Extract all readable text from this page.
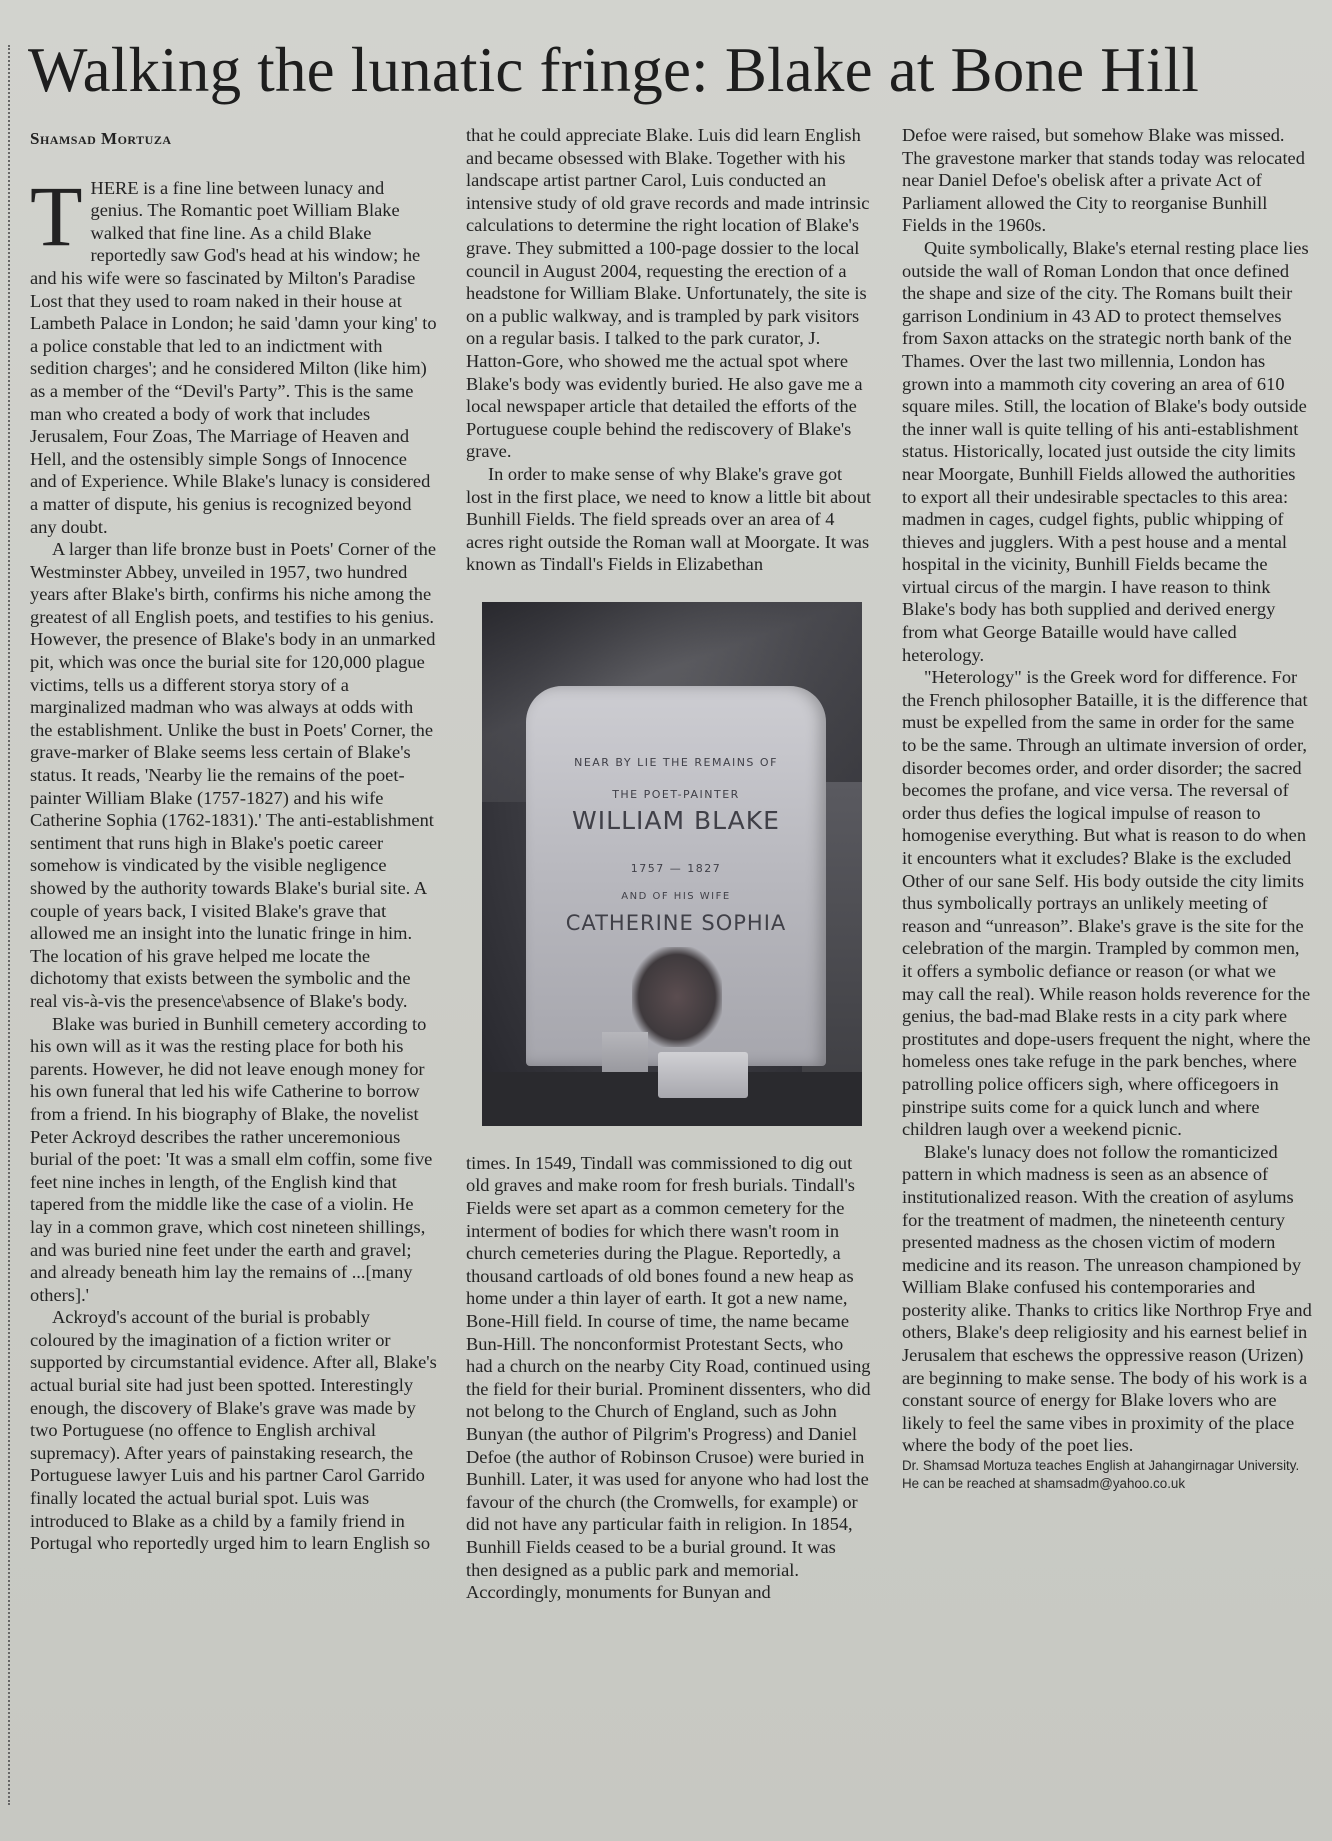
Walking the lunatic fringe: Blake at Bone Hill
Shamsad Mortuza

THERE is a fine line between lunacy and genius. The Romantic poet William Blake walked that fine line. As a child Blake reportedly saw God's head at his window; he and his wife were so fascinated by Milton's Paradise Lost that they used to roam naked in their house at Lambeth Palace in London; he said 'damn your king' to a police constable that led to an indictment with sedition charges'; and he considered Milton (like him) as a member of the “Devil's Party”. This is the same man who created a body of work that includes Jerusalem, Four Zoas, The Marriage of Heaven and Hell, and the ostensibly simple Songs of Innocence and of Experience. While Blake's lunacy is considered a matter of dispute, his genius is recognized beyond any doubt.

A larger than life bronze bust in Poets' Corner of the Westminster Abbey, unveiled in 1957, two hundred years after Blake's birth, confirms his niche among the greatest of all English poets, and testifies to his genius. However, the presence of Blake's body in an unmarked pit, which was once the burial site for 120,000 plague victims, tells us a different storya story of a marginalized madman who was always at odds with the establishment. Unlike the bust in Poets' Corner, the grave-marker of Blake seems less certain of Blake's status. It reads, 'Nearby lie the remains of the poet-painter William Blake (1757-1827) and his wife Catherine Sophia (1762-1831).' The anti-establishment sentiment that runs high in Blake's poetic career somehow is vindicated by the visible negligence showed by the authority towards Blake's burial site. A couple of years back, I visited Blake's grave that allowed me an insight into the lunatic fringe in him. The location of his grave helped me locate the dichotomy that exists between the symbolic and the real vis-à-vis the presence\absence of Blake's body.

Blake was buried in Bunhill cemetery according to his own will as it was the resting place for both his parents. However, he did not leave enough money for his own funeral that led his wife Catherine to borrow from a friend. In his biography of Blake, the novelist Peter Ackroyd describes the rather unceremonious burial of the poet: 'It was a small elm coffin, some five feet nine inches in length, of the English kind that tapered from the middle like the case of a violin. He lay in a common grave, which cost nineteen shillings, and was buried nine feet under the earth and gravel; and already beneath him lay the remains of ...[many others].'

Ackroyd's account of the burial is probably coloured by the imagination of a fiction writer or supported by circumstantial evidence. After all, Blake's actual burial site had just been spotted. Interestingly enough, the discovery of Blake's grave was made by two Portuguese (no offence to English archival supremacy). After years of painstaking research, the Portuguese lawyer Luis and his partner Carol Garrido finally located the actual burial spot. Luis was introduced to Blake as a child by a family friend in Portugal who reportedly urged him to learn English so

that he could appreciate Blake. Luis did learn English and became obsessed with Blake. Together with his landscape artist partner Carol, Luis conducted an intensive study of old grave records and made intrinsic calculations to determine the right location of Blake's grave. They submitted a 100-page dossier to the local council in August 2004, requesting the erection of a headstone for William Blake. Unfortunately, the site is on a public walkway, and is trampled by park visitors on a regular basis. I talked to the park curator, J. Hatton-Gore, who showed me the actual spot where Blake's body was evidently buried. He also gave me a local newspaper article that detailed the efforts of the Portuguese couple behind the rediscovery of Blake's grave.

In order to make sense of why Blake's grave got lost in the first place, we need to know a little bit about Bunhill Fields. The field spreads over an area of 4 acres right outside the Roman wall at Moorgate. It was known as Tindall's Fields in Elizabethan

NEAR BY LIE THE REMAINS OF
THE POET-PAINTER
WILLIAM BLAKE
1757 — 1827
AND OF HIS WIFE
CATHERINE SOPHIA

times. In 1549, Tindall was commissioned to dig out old graves and make room for fresh burials. Tindall's Fields were set apart as a common cemetery for the interment of bodies for which there wasn't room in church cemeteries during the Plague. Reportedly, a thousand cartloads of old bones found a new heap as home under a thin layer of earth. It got a new name, Bone-Hill field. In course of time, the name became Bun-Hill. The nonconformist Protestant Sects, who had a church on the nearby City Road, continued using the field for their burial. Prominent dissenters, who did not belong to the Church of England, such as John Bunyan (the author of Pilgrim's Progress) and Daniel Defoe (the author of Robinson Crusoe) were buried in Bunhill. Later, it was used for anyone who had lost the favour of the church (the Cromwells, for example) or did not have any particular faith in religion. In 1854, Bunhill Fields ceased to be a burial ground. It was then designed as a public park and memorial. Accordingly, monuments for Bunyan and

Defoe were raised, but somehow Blake was missed. The gravestone marker that stands today was relocated near Daniel Defoe's obelisk after a private Act of Parliament allowed the City to reorganise Bunhill Fields in the 1960s.

Quite symbolically, Blake's eternal resting place lies outside the wall of Roman London that once defined the shape and size of the city. The Romans built their garrison Londinium in 43 AD to protect themselves from Saxon attacks on the strategic north bank of the Thames. Over the last two millennia, London has grown into a mammoth city covering an area of 610 square miles. Still, the location of Blake's body outside the inner wall is quite telling of his anti-establishment status. Historically, located just outside the city limits near Moorgate, Bunhill Fields allowed the authorities to export all their undesirable spectacles to this area: madmen in cages, cudgel fights, public whipping of thieves and jugglers. With a pest house and a mental hospital in the vicinity, Bunhill Fields became the virtual circus of the margin. I have reason to think Blake's body has both supplied and derived energy from what George Bataille would have called heterology.

"Heterology" is the Greek word for difference. For the French philosopher Bataille, it is the difference that must be expelled from the same in order for the same to be the same. Through an ultimate inversion of order, disorder becomes order, and order disorder; the sacred becomes the profane, and vice versa. The reversal of order thus defies the logical impulse of reason to homogenise everything. But what is reason to do when it encounters what it excludes? Blake is the excluded Other of our sane Self. His body outside the city limits thus symbolically portrays an unlikely meeting of reason and “unreason”. Blake's grave is the site for the celebration of the margin. Trampled by common men, it offers a symbolic defiance or reason (or what we may call the real). While reason holds reverence for the genius, the bad-mad Blake rests in a city park where prostitutes and dope-users frequent the night, where the homeless ones take refuge in the park benches, where patrolling police officers sigh, where officegoers in pinstripe suits come for a quick lunch and where children laugh over a weekend picnic.

Blake's lunacy does not follow the romanticized pattern in which madness is seen as an absence of institutionalized reason. With the creation of asylums for the treatment of madmen, the nineteenth century presented madness as the chosen victim of modern medicine and its reason. The unreason championed by William Blake confused his contemporaries and posterity alike. Thanks to critics like Northrop Frye and others, Blake's deep religiosity and his earnest belief in Jerusalem that eschews the oppressive reason (Urizen) are beginning to make sense. The body of his work is a constant source of energy for Blake lovers who are likely to feel the same vibes in proximity of the place where the body of the poet lies.

Dr. Shamsad Mortuza teaches English at Jahangirnagar University. He can be reached at shamsadm@yahoo.co.uk
